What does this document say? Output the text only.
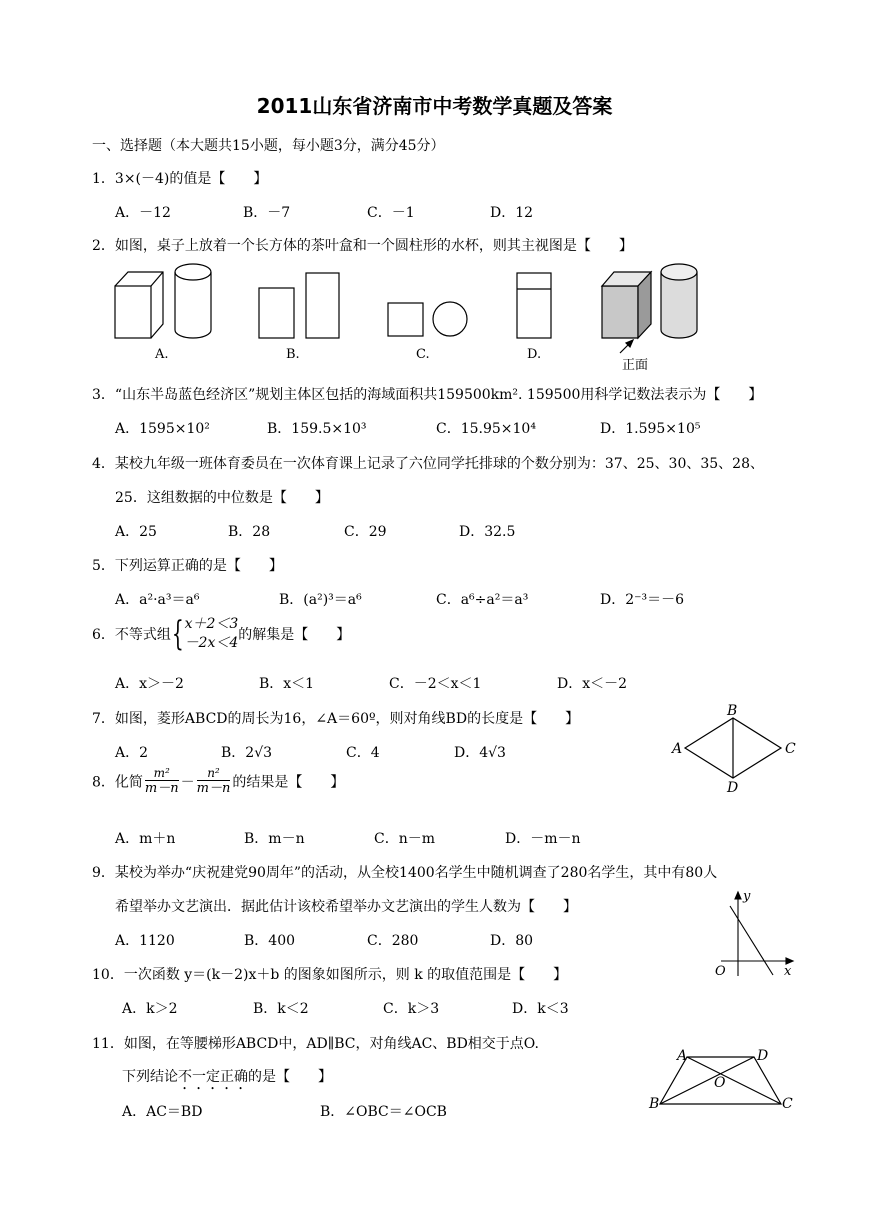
2011山东省济南市中考数学真题及答案
一、选择题（本大题共15小题，每小题3分，满分45分）
1．3×(－4)的值是【　　】
A．－12	B．－7	C．－1	D．12
2．如图，桌子上放着一个长方体的茶叶盒和一个圆柱形的水杯，则其主视图是【　　】
A.	B.	C.	D.
正面
3．“山东半岛蓝色经济区”规划主体区包括的海域面积共159500km². 159500用科学记数法表示为【　　】
A．1595×10²	B．159.5×10³	C．15.95×10⁴	D．1.595×10⁵
4．某校九年级一班体育委员在一次体育课上记录了六位同学托排球的个数分别为：37、25、30、35、28、
25．这组数据的中位数是【　　】
A．25	B．28	C．29	D．32.5
5．下列运算正确的是【　　】
A．a²·a³＝a⁶	B．(a²)³＝a⁶	C．a⁶÷a²＝a³	D．2⁻³＝－6
6．不等式组{ x＋2＜3
－2x＜4 的解集是【　　】
A．x＞－2	B．x＜1	C．－2＜x＜1	D．x＜－2
7．如图，菱形ABCD的周长为16，∠A＝60º，则对角线BD的长度是【　　】
A．2	B．2√3	C．4	D．4√3	A
B
C
D
8．化简 $\frac{\text{m²}}{m-n} - \frac{\text{n²}}{m-n}$ 的结果是【　　】
A．m＋n	B．m－n	C．n－m	D．－m－n
9．某校为举办“庆祝建党90周年”的活动，从全校1400名学生中随机调查了280名学生，其中有80人
希望举办文艺演出．据此估计该校希望举办文艺演出的学生人数为【　　】
A．1120	B．400	C．280	D．80
y
O	x
10．一次函数 y＝(k－2)x＋b 的图象如图所示，则 k 的取值范围是【　　】
A．k＞2	B．k＜2	C．k＞3	D．k＜3
11．如图，在等腰梯形ABCD中，AD∥BC，对角线AC、BD相交于点O.
下列结论不一定正确的是【　　】
A．AC＝BD	B．∠OBC＝∠OCB
A	D
O
B	C
